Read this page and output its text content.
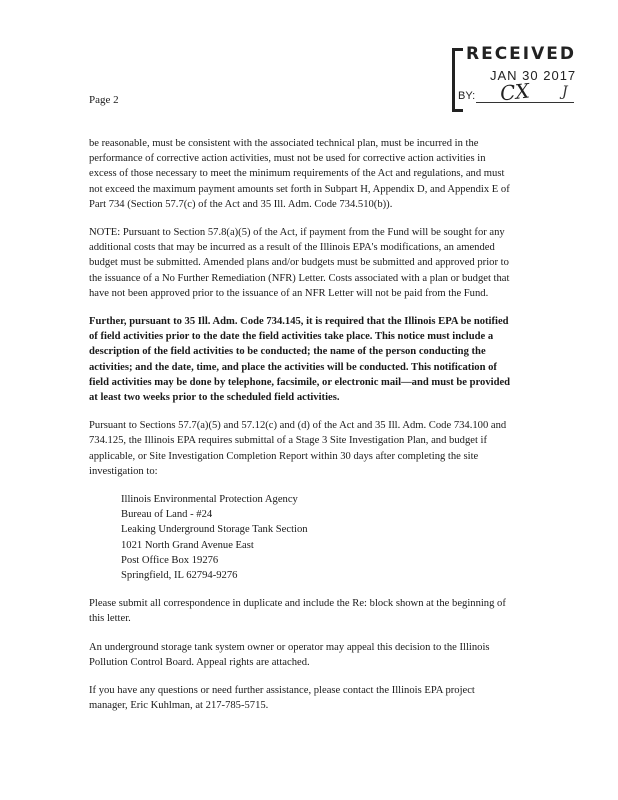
Page 2
RECEIVED
JAN 30 2017
BY: CX J

be reasonable, must be consistent with the associated technical plan, must be incurred in the performance of corrective action activities, must not be used for corrective action activities in excess of those necessary to meet the minimum requirements of the Act and regulations, and must not exceed the maximum payment amounts set forth in Subpart H, Appendix D, and Appendix E of Part 734 (Section 57.7(c) of the Act and 35 Ill. Adm. Code 734.510(b)).

NOTE: Pursuant to Section 57.8(a)(5) of the Act, if payment from the Fund will be sought for any additional costs that may be incurred as a result of the Illinois EPA's modifications, an amended budget must be submitted. Amended plans and/or budgets must be submitted and approved prior to the issuance of a No Further Remediation (NFR) Letter. Costs associated with a plan or budget that have not been approved prior to the issuance of an NFR Letter will not be paid from the Fund.

Further, pursuant to 35 Ill. Adm. Code 734.145, it is required that the Illinois EPA be notified of field activities prior to the date the field activities take place. This notice must include a description of the field activities to be conducted; the name of the person conducting the activities; and the date, time, and place the activities will be conducted. This notification of field activities may be done by telephone, facsimile, or electronic mail—and must be provided at least two weeks prior to the scheduled field activities.

Pursuant to Sections 57.7(a)(5) and 57.12(c) and (d) of the Act and 35 Ill. Adm. Code 734.100 and 734.125, the Illinois EPA requires submittal of a Stage 3 Site Investigation Plan, and budget if applicable, or Site Investigation Completion Report within 30 days after completing the site investigation to:

Illinois Environmental Protection Agency
Bureau of Land - #24
Leaking Underground Storage Tank Section
1021 North Grand Avenue East
Post Office Box 19276
Springfield, IL 62794-9276

Please submit all correspondence in duplicate and include the Re: block shown at the beginning of this letter.

An underground storage tank system owner or operator may appeal this decision to the Illinois Pollution Control Board. Appeal rights are attached.

If you have any questions or need further assistance, please contact the Illinois EPA project manager, Eric Kuhlman, at 217-785-5715.
